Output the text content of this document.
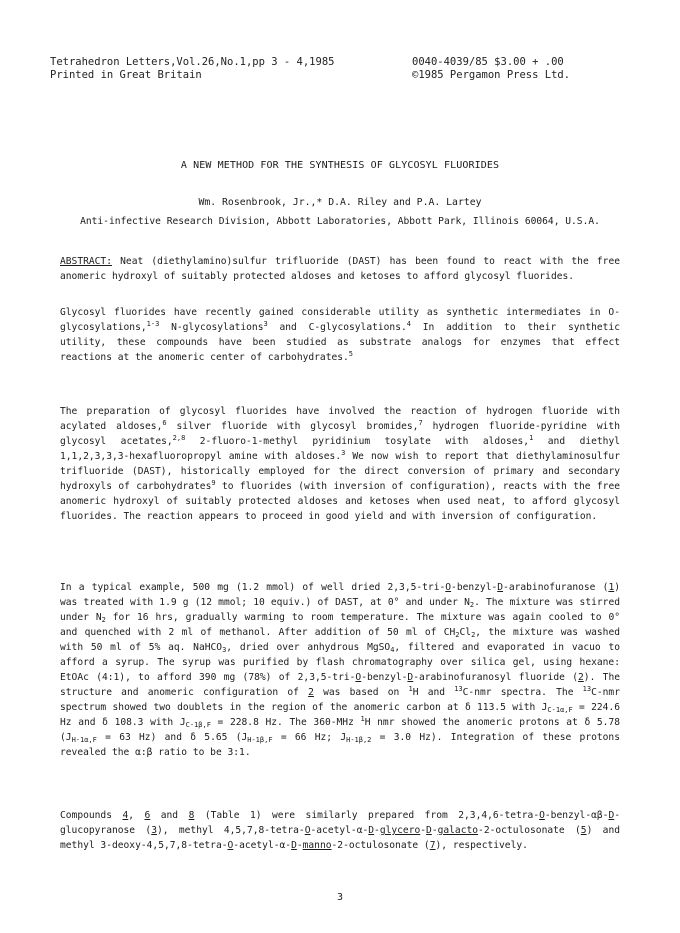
Tetrahedron Letters,Vol.26,No.1,pp 3 - 4,1985
Printed in Great Britain
0040-4039/85 $3.00 + .00
©1985 Pergamon Press Ltd.
A NEW METHOD FOR THE SYNTHESIS OF GLYCOSYL FLUORIDES
Wm. Rosenbrook, Jr.,* D.A. Riley and P.A. Lartey
Anti-infective Research Division, Abbott Laboratories, Abbott Park, Illinois 60064, U.S.A.
ABSTRACT: Neat (diethylamino)sulfur trifluoride (DAST) has been found to react with the free anomeric hydroxyl of suitably protected aldoses and ketoses to afford glycosyl fluorides.
Glycosyl fluorides have recently gained considerable utility as synthetic intermediates in O-glycosylations,$^{1-3}$ N-glycosylations$^3$ and C-glycosylations.$^4$ In addition to their synthetic utility, these compounds have been studied as substrate analogs for enzymes that effect reactions at the anomeric center of carbohydrates.$^5$
The preparation of glycosyl fluorides have involved the reaction of hydrogen fluoride with acylated aldoses,$^6$ silver fluoride with glycosyl bromides,$^7$ hydrogen fluoride-pyridine with glycosyl acetates,$^{2,8}$ 2-fluoro-1-methyl pyridinium tosylate with aldoses,$^1$ and diethyl 1,1,2,3,3,3-hexafluoropropyl amine with aldoses.$^3$ We now wish to report that diethylaminosulfur trifluoride (DAST), historically employed for the direct conversion of primary and secondary hydroxyls of carbohydrates$^9$ to fluorides (with inversion of configuration), reacts with the free anomeric hydroxyl of suitably protected aldoses and ketoses when used neat, to afford glycosyl fluorides. The reaction appears to proceed in good yield and with inversion of configuration.
In a typical example, 500 mg (1.2 mmol) of well dried 2,3,5-tri-O-benzyl-D-arabinofuranose (1) was treated with 1.9 g (12 mmol; 10 equiv.) of DAST, at 0° and under $N_2$. The mixture was stirred under $N_2$ for 16 hrs, gradually warming to room temperature. The mixture was again cooled to 0° and quenched with 2 ml of methanol. After addition of 50 ml of $CH_2Cl_2$, the mixture was washed with 50 ml of 5% aq. NaHCO$_3$, dried over anhydrous MgSO$_4$, filtered and evaporated in vacuo to afford a syrup. The syrup was purified by flash chromatography over silica gel, using hexane: EtOAc (4:1), to afford 390 mg (78%) of 2,3,5-tri-O-benzyl-D-arabinofuranosyl fluoride (2). The structure and anomeric configuration of 2 was based on $^1$H and $^{13}$C-nmr spectra. The $^{13}$C-nmr spectrum showed two doublets in the region of the anomeric carbon at δ 113.5 with $J_{C-1\alpha,F} = 224.6$ Hz and δ 108.3 with $J_{C-1\beta,F} = 228.8$ Hz. The 360-MHz $^1$H nmr showed the anomeric protons at δ 5.78 ($J_{H-1\alpha,F} = 63$ Hz) and δ 5.65 ($J_{H-1\beta,F} = 66$ Hz; $J_{H-1\beta,2} = 3.0$ Hz). Integration of these protons revealed the α:β ratio to be 3:1.
Compounds 4, 6 and 8 (Table 1) were similarly prepared from 2,3,4,6-tetra-O-benzyl-αβ-D-glucopyranose (3), methyl 4,5,7,8-tetra-O-acetyl-α-D-glycero-D-galacto-2-octulosonate (5) and methyl 3-deoxy-4,5,7,8-tetra-O-acetyl-α-D-manno-2-octulosonate (7), respectively.
3
